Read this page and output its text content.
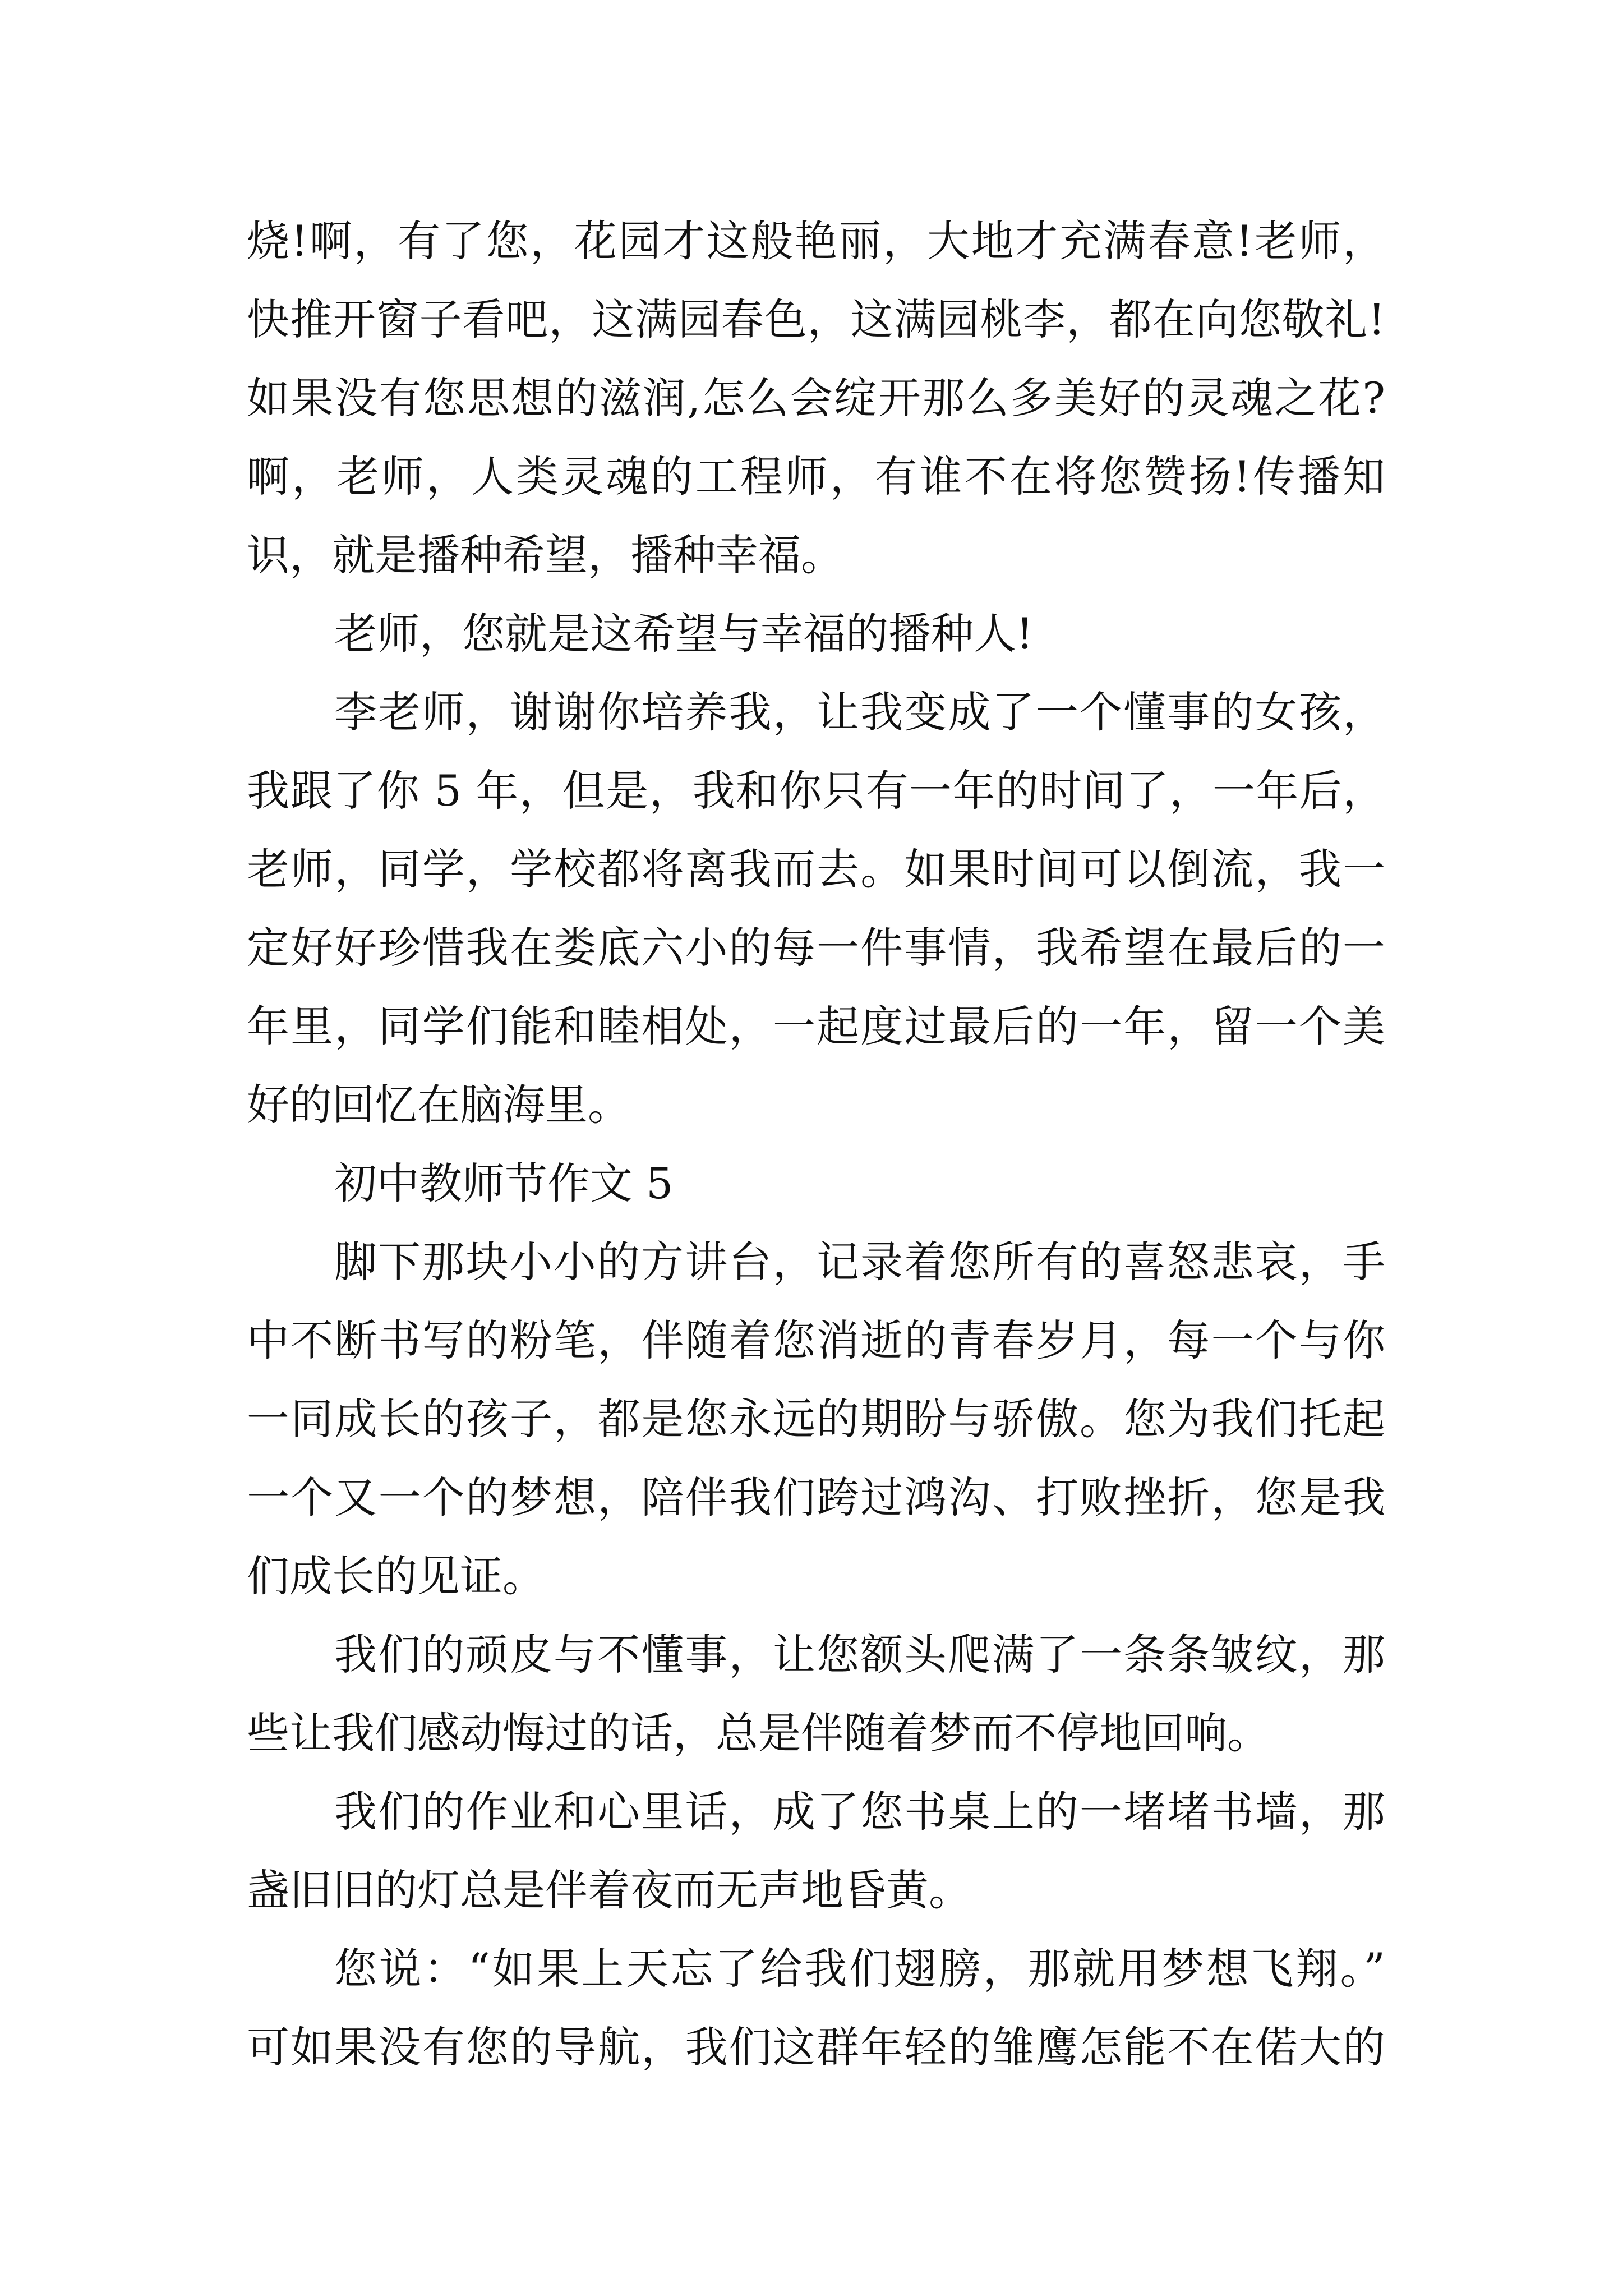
烧!啊，有了您，花园才这般艳丽，大地才充满春意!老师，
快推开窗子看吧，这满园春色，这满园桃李，都在向您敬礼!
如果没有您思想的滋润,怎么会绽开那么多美好的灵魂之花?
啊，老师，人类灵魂的工程师，有谁不在将您赞扬!传播知
识，就是播种希望，播种幸福。
老师，您就是这希望与幸福的播种人!
李老师，谢谢你培养我，让我变成了一个懂事的女孩，
我跟了你 5 年，但是，我和你只有一年的时间了，一年后，
老师，同学，学校都将离我而去。如果时间可以倒流，我一
定好好珍惜我在娄底六小的每一件事情，我希望在最后的一
年里，同学们能和睦相处，一起度过最后的一年，留一个美
好的回忆在脑海里。
初中教师节作文 5
脚下那块小小的方讲台，记录着您所有的喜怒悲哀，手
中不断书写的粉笔，伴随着您消逝的青春岁月，每一个与你
一同成长的孩子，都是您永远的期盼与骄傲。您为我们托起
一个又一个的梦想，陪伴我们跨过鸿沟、打败挫折，您是我
们成长的见证。
我们的顽皮与不懂事，让您额头爬满了一条条皱纹，那
些让我们感动悔过的话，总是伴随着梦而不停地回响。
我们的作业和心里话，成了您书桌上的一堵堵书墙，那
盏旧旧的灯总是伴着夜而无声地昏黄。
您说：“如果上天忘了给我们翅膀，那就用梦想飞翔。”
可如果没有您的导航，我们这群年轻的雏鹰怎能不在偌大的
